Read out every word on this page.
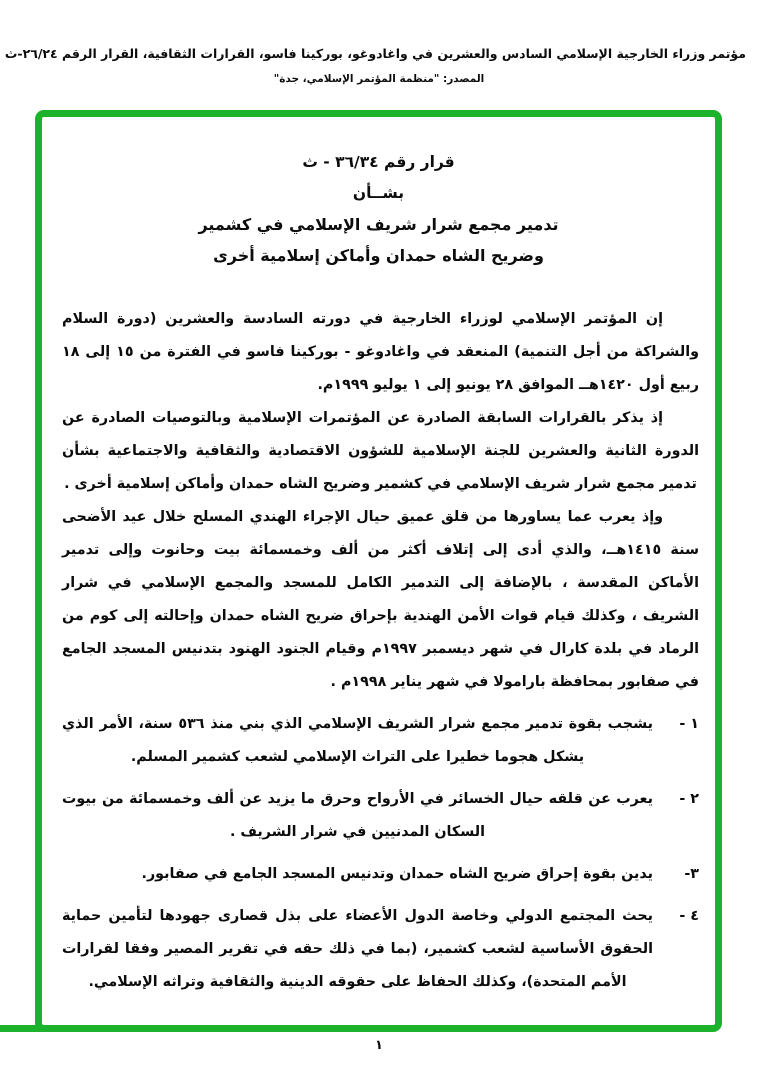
مؤتمر وزراء الخارجية الإسلامي السادس والعشرين في واغادوغو، بوركينا فاسو، القرارات الثقافية، القرار الرقم ٢٦/٢٤-ث
المصدر: "منظمة المؤتمر الإسلامي، جدة"
قرار رقم ٣٦/٣٤ - ث
بشــأن
تدمير مجمع شرار شريف الإسلامي في كشمير
وضريح الشاه حمدان وأماكن إسلامية أخرى

إن المؤتمر الإسلامي لوزراء الخارجية في دورته السادسة والعشرين (دورة السلام والشراكة من أجل التنمية) المنعقد في واغادوغو - بوركينا فاسو في الفترة من ١٥ إلى ١٨ ربيع أول ١٤٢٠هــ الموافق ٢٨ يونيو إلى ١ يوليو ١٩٩٩م.

إذ يذكر بالقرارات السابقة الصادرة عن المؤتمرات الإسلامية وبالتوصيات الصادرة عن الدورة الثانية والعشرين للجنة الإسلامية للشؤون الاقتصادية والثقافية والاجتماعية بشأن تدمير مجمع شرار شريف الإسلامي في كشمير وضريح الشاه حمدان وأماكن إسلامية أخرى .

وإذ يعرب عما يساورها من قلق عميق حيال الإجراء الهندي المسلح خلال عيد الأضحى سنة ١٤١٥هــ، والذي أدى إلى إتلاف أكثر من ألف وخمسمائة بيت وحانوت وإلى تدمير الأماكن المقدسة ، بالإضافة إلى التدمير الكامل للمسجد والمجمع الإسلامي في شرار الشريف ، وكذلك قيام قوات الأمن الهندية بإحراق ضريح الشاه حمدان وإحالته إلى كوم من الرماد في بلدة كارال في شهر ديسمبر ١٩٩٧م وقيام الجنود الهنود بتدنيس المسجد الجامع في صفابور بمحافظة بارامولا في شهر يناير ١٩٩٨م .

١ -
يشجب بقوة تدمير مجمع شرار الشريف الإسلامي الذي بني منذ ٥٣٦ سنة، الأمر الذي يشكل هجوما خطيرا على التراث الإسلامي لشعب كشمير المسلم.
٢ -
يعرب عن قلقه حيال الخسائر في الأرواح وحرق ما يزيد عن ألف وخمسمائة من بيوت السكان المدنيين في شرار الشريف .
٣-
يدين بقوة إحراق ضريح الشاه حمدان وتدنيس المسجد الجامع في صفابور.
٤ -
يحث المجتمع الدولي وخاصة الدول الأعضاء على بذل قصارى جهودها لتأمين حماية الحقوق الأساسية لشعب كشمير، (بما في ذلك حقه في تقرير المصير وفقا لقرارات الأمم المتحدة)، وكذلك الحفاظ على حقوقه الدينية والثقافية وتراثه الإسلامي.
١
